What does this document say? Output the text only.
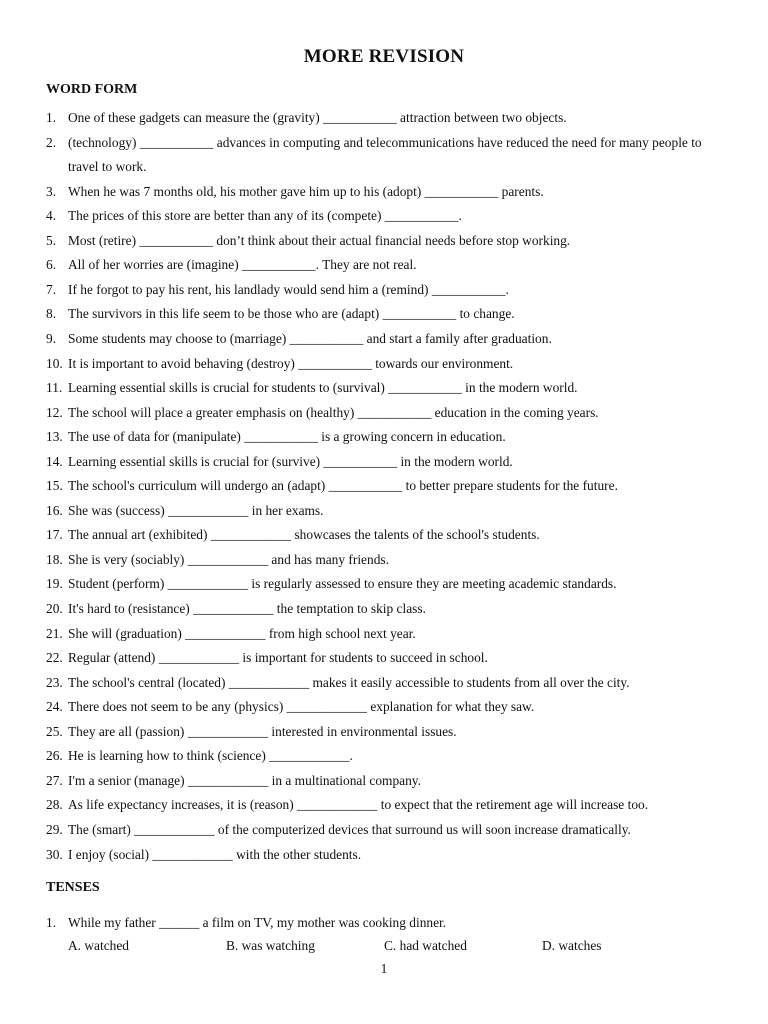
MORE REVISION
WORD FORM
1. One of these gadgets can measure the (gravity) ___________ attraction between two objects.
2. (technology) ___________ advances in computing and telecommunications have reduced the need for many people to travel to work.
3. When he was 7 months old, his mother gave him up to his (adopt) ___________ parents.
4. The prices of this store are better than any of its (compete) ___________.
5. Most (retire) ___________ don’t think about their actual financial needs before stop working.
6. All of her worries are (imagine) ___________. They are not real.
7. If he forgot to pay his rent, his landlady would send him a (remind) ___________.
8. The survivors in this life seem to be those who are (adapt) ___________ to change.
9. Some students may choose to (marriage) ___________ and start a family after graduation.
10. It is important to avoid behaving (destroy) ___________ towards our environment.
11. Learning essential skills is crucial for students to (survival) ___________ in the modern world.
12. The school will place a greater emphasis on (healthy) ___________ education in the coming years.
13. The use of data for (manipulate) ___________ is a growing concern in education.
14. Learning essential skills is crucial for (survive) ___________ in the modern world.
15. The school's curriculum will undergo an (adapt) ___________ to better prepare students for the future.
16. She was (success) ____________ in her exams.
17. The annual art (exhibited) ____________ showcases the talents of the school's students.
18. She is very (sociably) ____________ and has many friends.
19. Student (perform) ____________ is regularly assessed to ensure they are meeting academic standards.
20. It's hard to (resistance) ____________ the temptation to skip class.
21. She will (graduation) ____________ from high school next year.
22. Regular (attend) ____________ is important for students to succeed in school.
23. The school's central (located) ____________ makes it easily accessible to students from all over the city.
24. There does not seem to be any (physics) ____________ explanation for what they saw.
25. They are all (passion) ____________ interested in environmental issues.
26. He is learning how to think (science) ____________.
27. I'm a senior (manage) ____________ in a multinational company.
28. As life expectancy increases, it is (reason) ____________ to expect that the retirement age will increase too.
29. The (smart) ____________ of the computerized devices that surround us will soon increase dramatically.
30. I enjoy (social) ____________ with the other students.
TENSES
1. While my father ______ a film on TV, my mother was cooking dinner.
A. watched	B. was watching	C. had watched	D. watches
1
